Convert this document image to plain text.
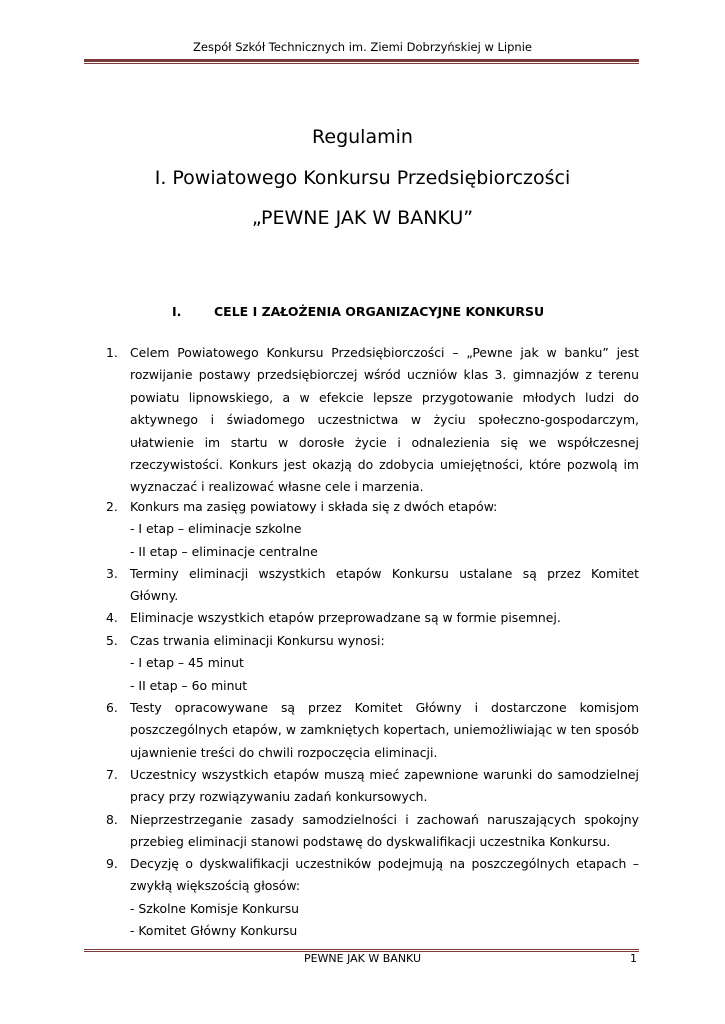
Zespół Szkół Technicznych im. Ziemi Dobrzyńskiej w Lipnie
Regulamin
I. Powiatowego Konkursu Przedsiębiorczości
„PEWNE JAK W BANKU”
I.	CELE I ZAŁOŻENIA ORGANIZACYJNE KONKURSU
1. Celem Powiatowego Konkursu Przedsiębiorczości – „Pewne jak w banku” jest

rozwijanie postawy przedsiębiorczej wśród uczniów klas 3. gimnazjów z terenu

powiatu lipnowskiego, a w efekcie lepsze przygotowanie młodych ludzi do

aktywnego i świadomego uczestnictwa w życiu społeczno-gospodarczym,

ułatwienie im startu w dorosłe życie i odnalezienia się we współczesnej

rzeczywistości. Konkurs jest okazją do zdobycia umiejętności, które pozwolą im

wyznaczać i realizować własne cele i marzenia.

2. Konkurs ma zasięg powiatowy i składa się z dwóch etapów:

- I etap – eliminacje szkolne
- II etap – eliminacje centralne
3. Terminy eliminacji wszystkich etapów Konkursu ustalane są przez Komitet

Główny.

4. Eliminacje wszystkich etapów przeprowadzane są w formie pisemnej.

5. Czas trwania eliminacji Konkursu wynosi:

- I etap – 45 minut
- II etap – 6o minut
6. Testy opracowywane są przez Komitet Główny i dostarczone komisjom

poszczególnych etapów, w zamkniętych kopertach, uniemożliwiając w ten sposób

ujawnienie treści do chwili rozpoczęcia eliminacji.

7. Uczestnicy wszystkich etapów muszą mieć zapewnione warunki do samodzielnej

pracy przy rozwiązywaniu zadań konkursowych.

8. Nieprzestrzeganie zasady samodzielności i zachowań naruszających spokojny

przebieg eliminacji stanowi podstawę do dyskwalifikacji uczestnika Konkursu.

9. Decyzję o dyskwalifikacji uczestników podejmują na poszczególnych etapach –

zwykłą większością głosów:

- Szkolne Komisje Konkursu
- Komitet Główny Konkursu
PEWNE JAK W BANKU	1
